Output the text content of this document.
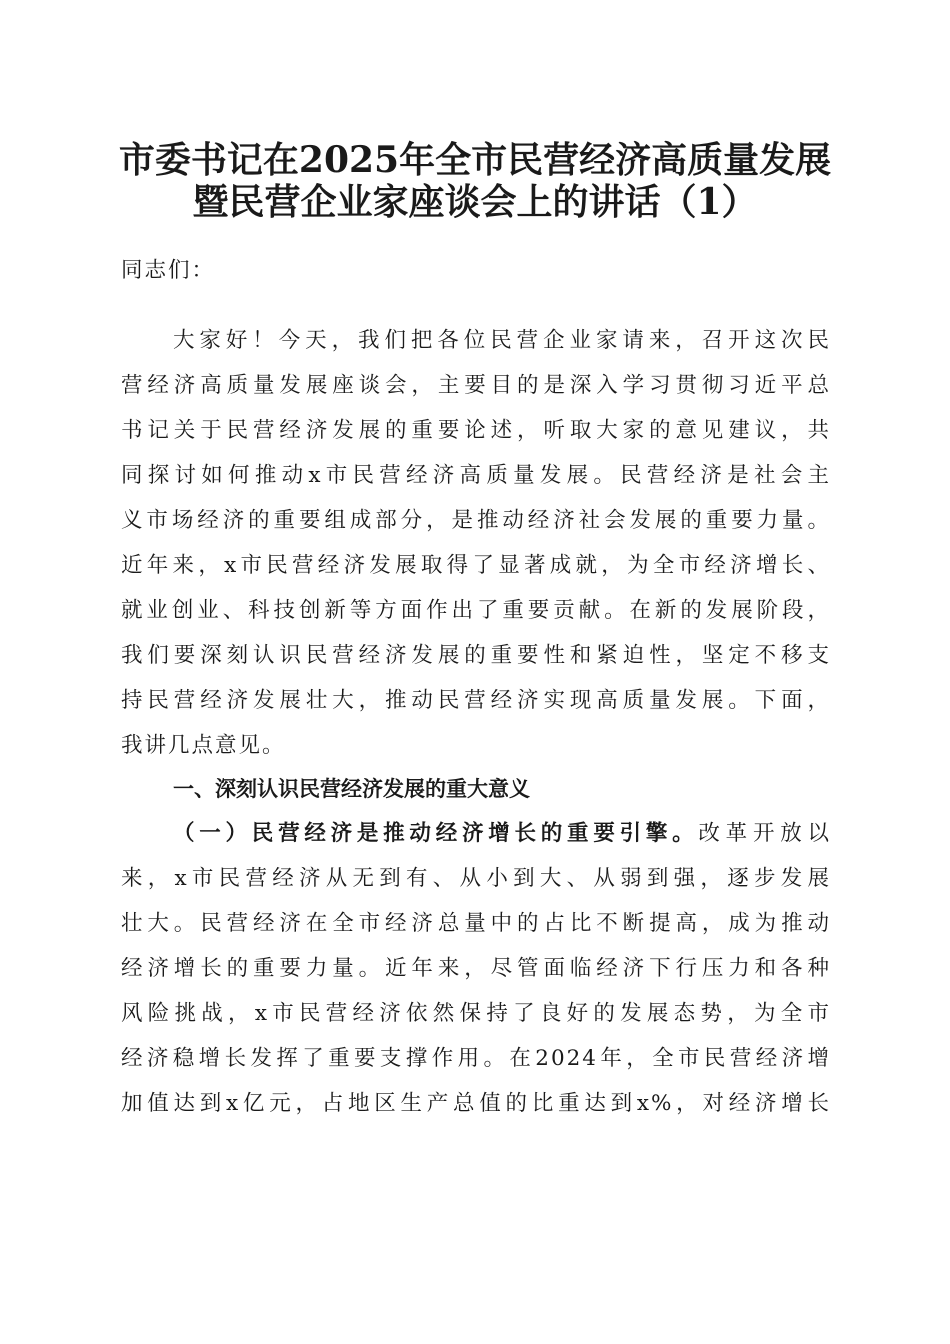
市委书记在2025年全市民营经济高质量发展
暨民营企业家座谈会上的讲话（1）
同志们：
大家好！今天，我们把各位民营企业家请来，召开这次民
营经济高质量发展座谈会，主要目的是深入学习贯彻习近平总
书记关于民营经济发展的重要论述，听取大家的意见建议，共
同探讨如何推动x市民营经济高质量发展。民营经济是社会主
义市场经济的重要组成部分，是推动经济社会发展的重要力量。
近年来，x市民营经济发展取得了显著成就，为全市经济增长、
就业创业、科技创新等方面作出了重要贡献。在新的发展阶段，
我们要深刻认识民营经济发展的重要性和紧迫性，坚定不移支
持民营经济发展壮大，推动民营经济实现高质量发展。下面，
我讲几点意见。
一、深刻认识民营经济发展的重大意义
（一）民营经济是推动经济增长的重要引擎。改革开放以
来，x市民营经济从无到有、从小到大、从弱到强，逐步发展
壮大。民营经济在全市经济总量中的占比不断提高，成为推动
经济增长的重要力量。近年来，尽管面临经济下行压力和各种
风险挑战，x市民营经济依然保持了良好的发展态势，为全市
经济稳增长发挥了重要支撑作用。在2024年，全市民营经济增
加值达到x亿元，占地区生产总值的比重达到x%，对经济增长
